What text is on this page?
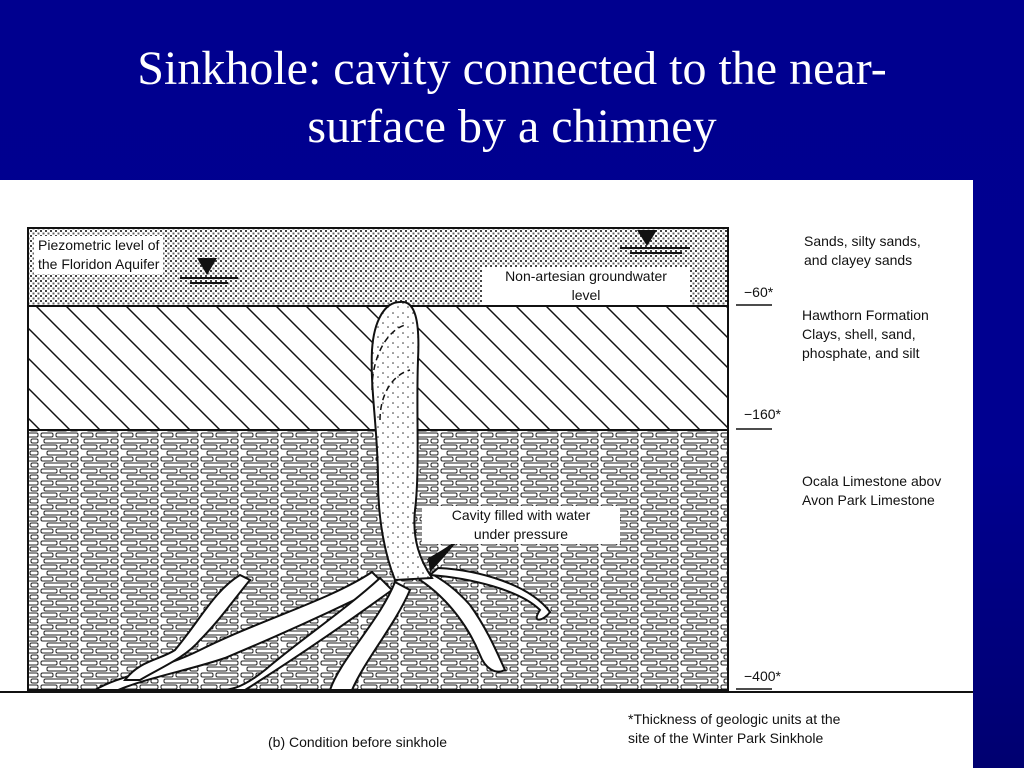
Sinkhole: cavity connected to the near-
surface by a chimney
Piezometric level of
the Floridon Aquifer
Non-artesian groundwater
level
Cavity filled with water
under pressure
Sands, silty sands,
and clayey sands
Hawthorn Formation
Clays, shell, sand,
phosphate, and silt
Ocala Limestone abov
Avon Park Limestone
−60*
−160*
−400*
(b) Condition before sinkhole
*Thickness of geologic units at the
site of the Winter Park Sinkhole
